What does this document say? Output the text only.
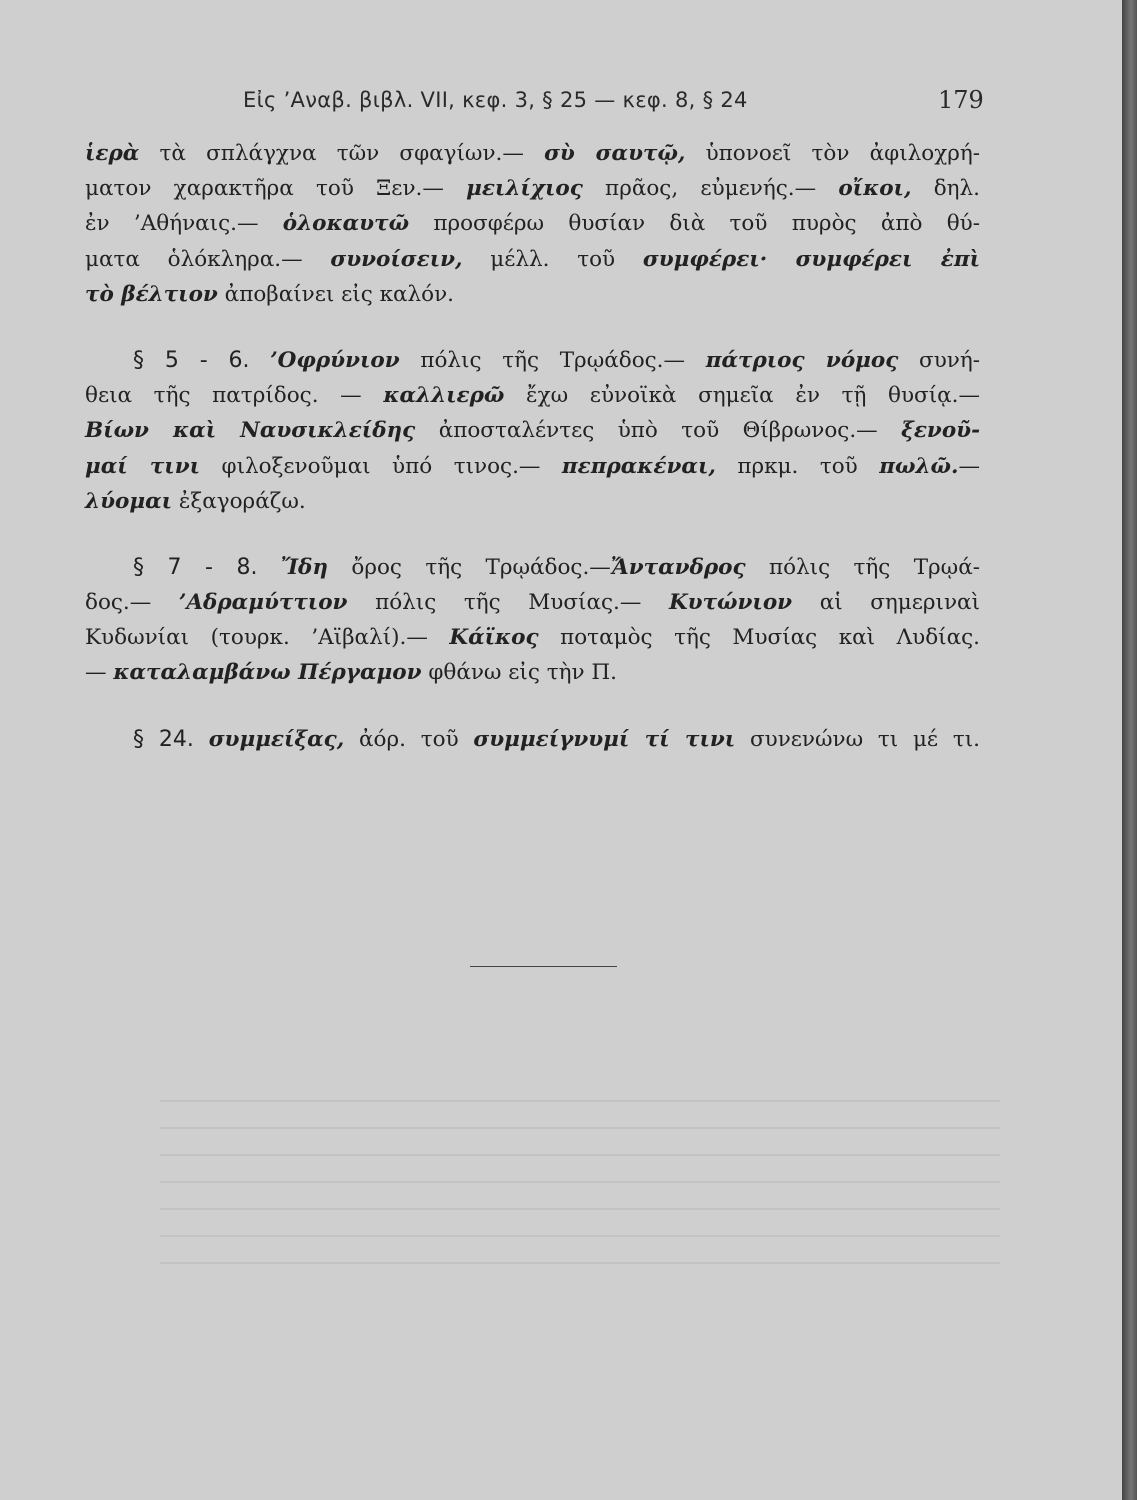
Εἰς ’Αναβ. βιβλ. VII, κεφ. 3, § 25 — κεφ. 8, § 24	179
ἱερὰ τὰ σπλάγχνα τῶν σφαγίων.— σὺ σαυτῷ, ὑπονοεῖ τὸν ἀφιλοχρή-
ματον χαρακτῆρα τοῦ Ξεν.— μειλίχιος πρᾶος, εὐμενής.— οἴκοι, δηλ.
ἐν ’Αθήναις.— ὁλοκαυτῶ προσφέρω θυσίαν διὰ τοῦ πυρὸς ἀπὸ θύ-
ματα ὁλόκληρα.— συνοίσειν, μέλλ. τοῦ συμφέρει· συμφέρει ἐπὶ
τὸ βέλτιον ἀποβαίνει εἰς καλόν.
§ 5 - 6. ’Οφρύνιον πόλις τῆς Τρῳάδος.— πάτριος νόμος συνή-
θεια τῆς πατρίδος. — καλλιερῶ ἔχω εὐνοϊκὰ σημεῖα ἐν τῇ θυσίᾳ.—
Βίων καὶ Ναυσικλείδης ἀποσταλέντες ὑπὸ τοῦ Θίβρωνος.— ξενοῦ-
μαί τινι φιλοξενοῦμαι ὑπό τινος.— πεπρακέναι, πρκμ. τοῦ πωλῶ.—
λύομαι ἐξαγοράζω.
§ 7 - 8. Ἴδη ὄρος τῆς Τρῳάδος.—Ἄντανδρος πόλις τῆς Τρῳά-
δος.— ’Αδραμύττιον πόλις τῆς Μυσίας.— Κυτώνιον αἱ σημεριναὶ
Κυδωνίαι (τουρκ. ’Αϊβαλί).— Κάϊκος ποταμὸς τῆς Μυσίας καὶ Λυδίας.
— καταλαμβάνω Πέργαμον φθάνω εἰς τὴν Π.
§ 24. συμμείξας, ἀόρ. τοῦ συμμείγνυμί τί τινι συνενώνω τι μέ τι.
